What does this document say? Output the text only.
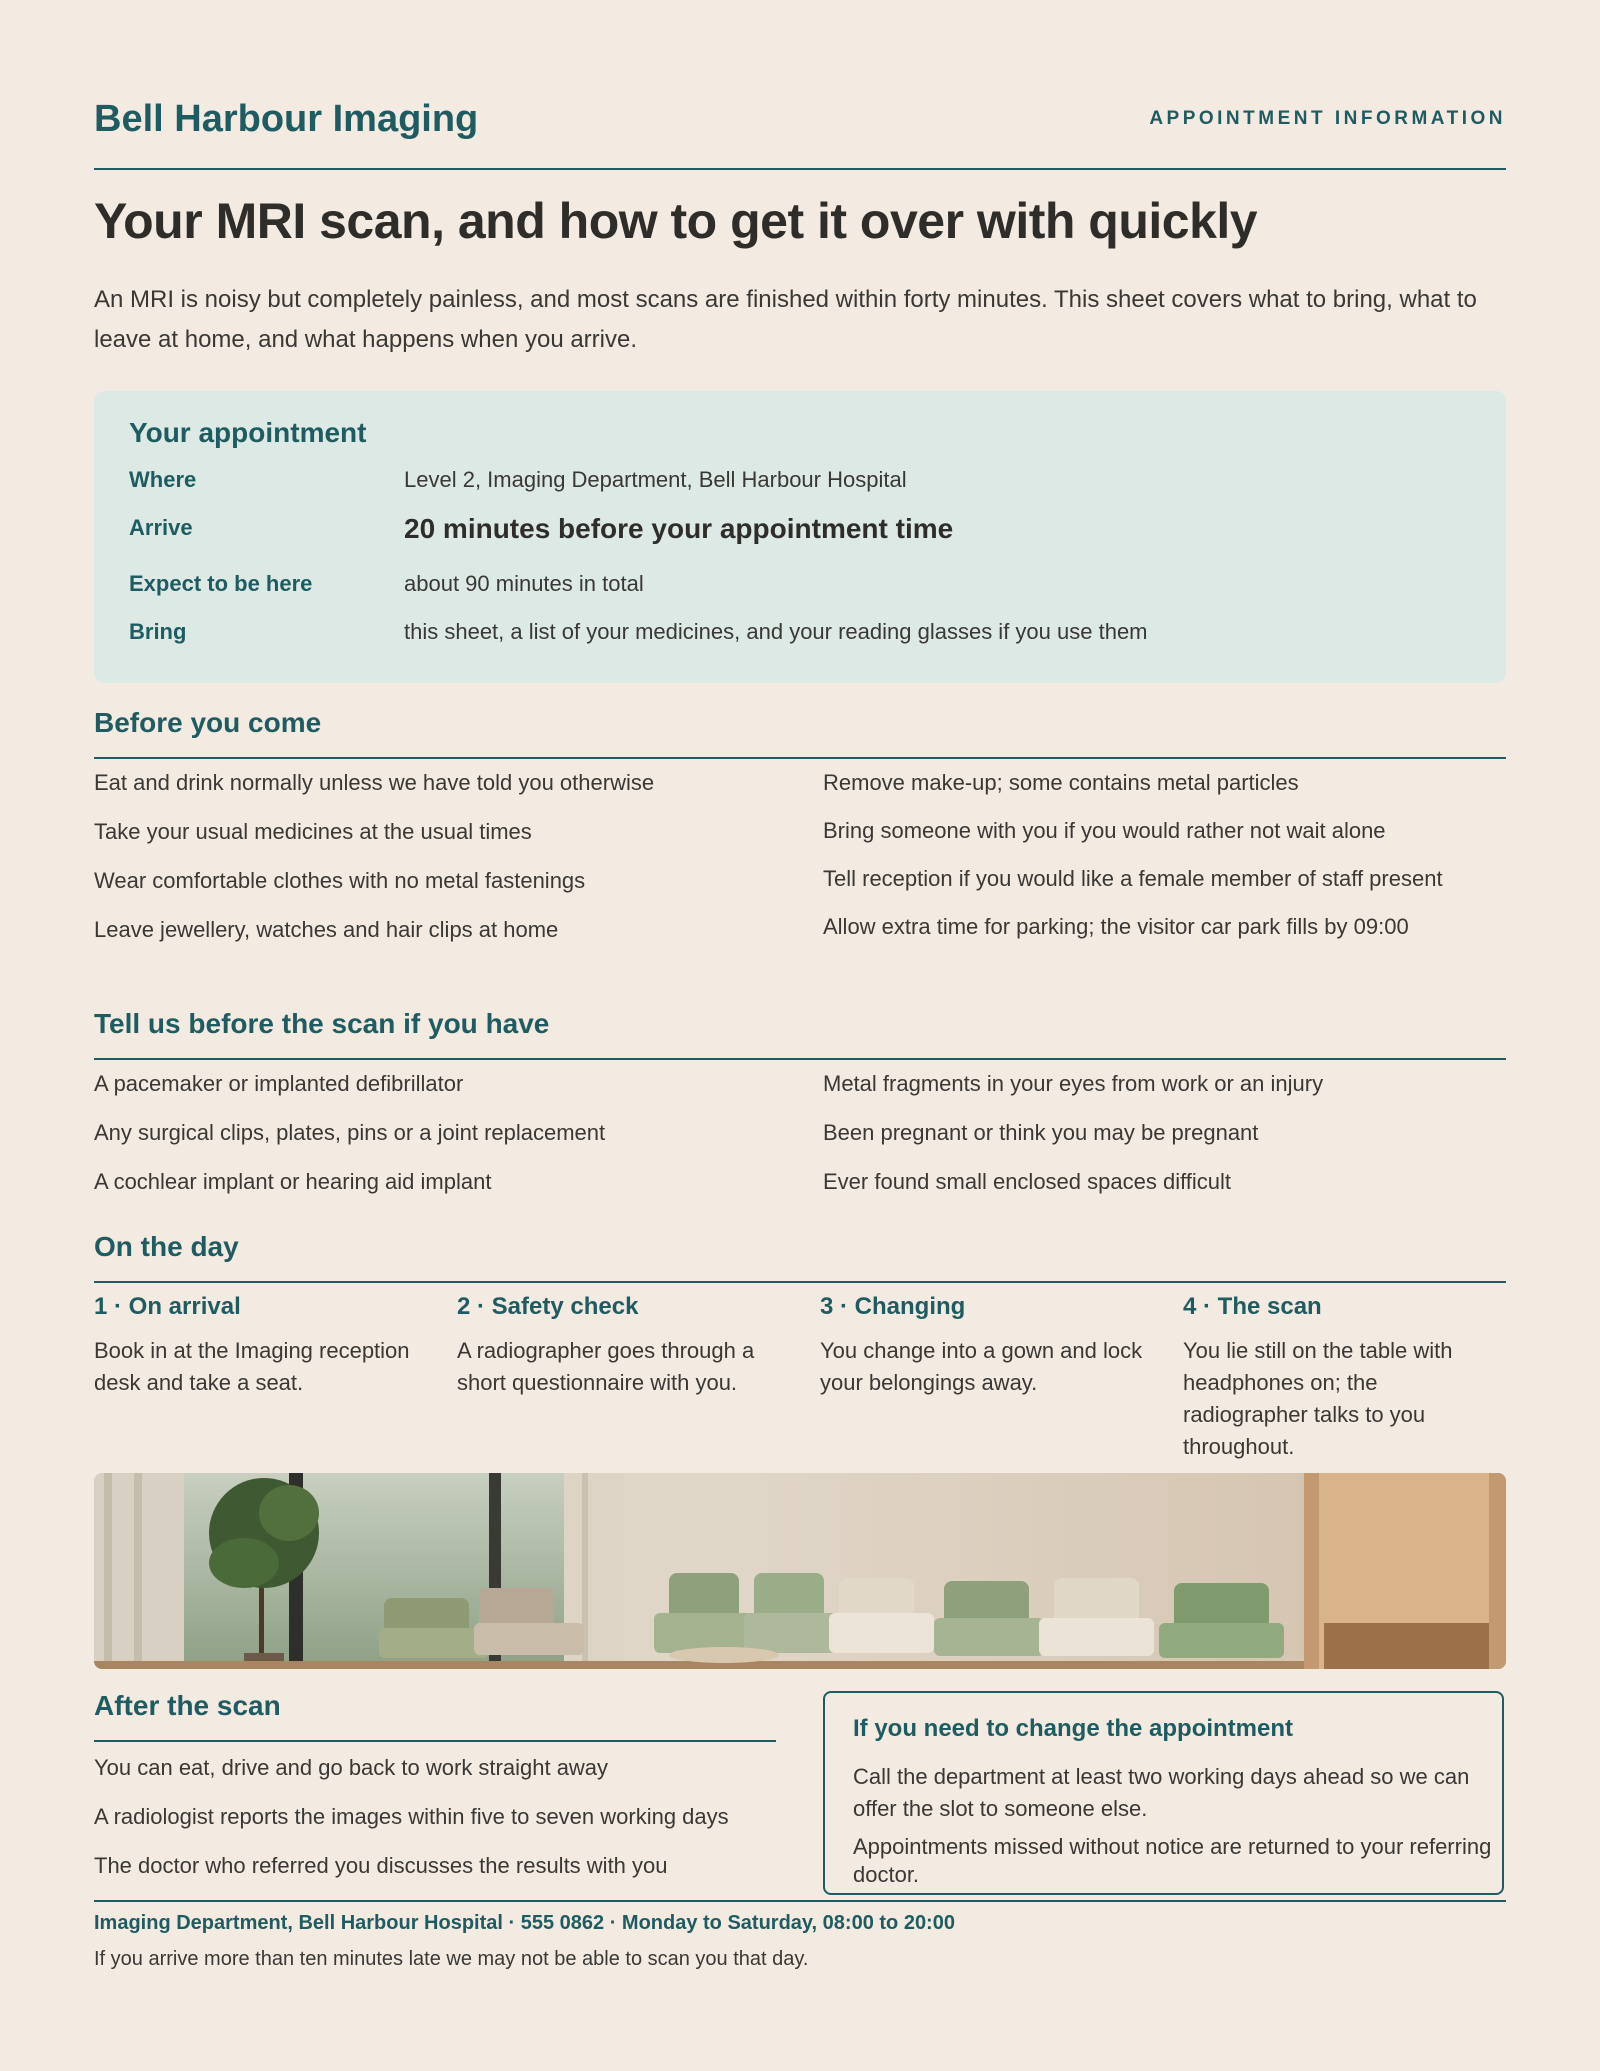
Bell Harbour Imaging	APPOINTMENT INFORMATION
Your MRI scan, and how to get it over with quickly
An MRI is noisy but completely painless, and most scans are finished within forty minutes. This sheet covers what to bring, what to leave at home, and what happens when you arrive.
Your appointment
Where	Level 2, Imaging Department, Bell Harbour Hospital
Arrive	20 minutes before your appointment time
Expect to be here	about 90 minutes in total
Bring	this sheet, a list of your medicines, and your reading glasses if you use them
Before you come
Eat and drink normally unless we have told you otherwise
Take your usual medicines at the usual times
Wear comfortable clothes with no metal fastenings
Leave jewellery, watches and hair clips at home
Remove make-up; some contains metal particles
Bring someone with you if you would rather not wait alone
Tell reception if you would like a female member of staff present
Allow extra time for parking; the visitor car park fills by 09:00
Tell us before the scan if you have
A pacemaker or implanted defibrillator
Any surgical clips, plates, pins or a joint replacement
A cochlear implant or hearing aid implant
Metal fragments in your eyes from work or an injury
Been pregnant or think you may be pregnant
Ever found small enclosed spaces difficult
On the day
1 · On arrival
Book in at the Imaging reception desk and take a seat.
2 · Safety check
A radiographer goes through a short questionnaire with you.
3 · Changing
You change into a gown and lock your belongings away.
4 · The scan
You lie still on the table with headphones on; the radiographer talks to you throughout.
After the scan
You can eat, drive and go back to work straight away
A radiologist reports the images within five to seven working days
The doctor who referred you discusses the results with you
If you need to change the appointment
Call the department at least two working days ahead so we can offer the slot to someone else.
Appointments missed without notice are returned to your referring doctor.
Imaging Department, Bell Harbour Hospital · 555 0862 · Monday to Saturday, 08:00 to 20:00
If you arrive more than ten minutes late we may not be able to scan you that day.
